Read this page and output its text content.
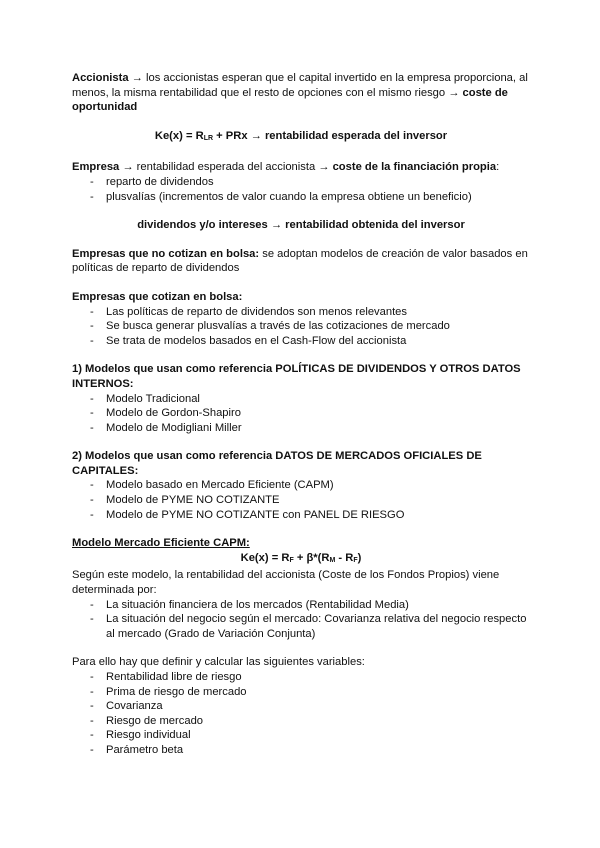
Accionista → los accionistas esperan que el capital invertido en la empresa proporciona, al menos, la misma rentabilidad que el resto de opciones con el mismo riesgo → coste de oportunidad

$Ke(x) = R_{LR}$ + PRx → rentabilidad esperada del inversor

Empresa → rentabilidad esperada del accionista → coste de la financiación propia:

- reparto de dividendos
- plusvalías (incrementos de valor cuando la empresa obtiene un beneficio)

dividendos y/o intereses → rentabilidad obtenida del inversor

Empresas que no cotizan en bolsa: se adoptan modelos de creación de valor basados en políticas de reparto de dividendos

Empresas que cotizan en bolsa:

- Las políticas de reparto de dividendos son menos relevantes
- Se busca generar plusvalías a través de las cotizaciones de mercado
- Se trata de modelos basados en el Cash-Flow del accionista

1) Modelos que usan como referencia POLÍTICAS DE DIVIDENDOS Y OTROS DATOS INTERNOS:

- Modelo Tradicional
- Modelo de Gordon-Shapiro
- Modelo de Modigliani Miller

2) Modelos que usan como referencia DATOS DE MERCADOS OFICIALES DE CAPITALES:

- Modelo basado en Mercado Eficiente (CAPM)
- Modelo de PYME NO COTIZANTE
- Modelo de PYME NO COTIZANTE con PANEL DE RIESGO

Modelo Mercado Eficiente CAPM:

$Ke(x) = R_F + \beta*(R_M - R_F)$

Según este modelo, la rentabilidad del accionista (Coste de los Fondos Propios) viene determinada por:

- La situación financiera de los mercados (Rentabilidad Media)
- La situación del negocio según el mercado: Covarianza relativa del negocio respecto al mercado (Grado de Variación Conjunta)

Para ello hay que definir y calcular las siguientes variables:

- Rentabilidad libre de riesgo
- Prima de riesgo de mercado
- Covarianza
- Riesgo de mercado
- Riesgo individual
- Parámetro beta
